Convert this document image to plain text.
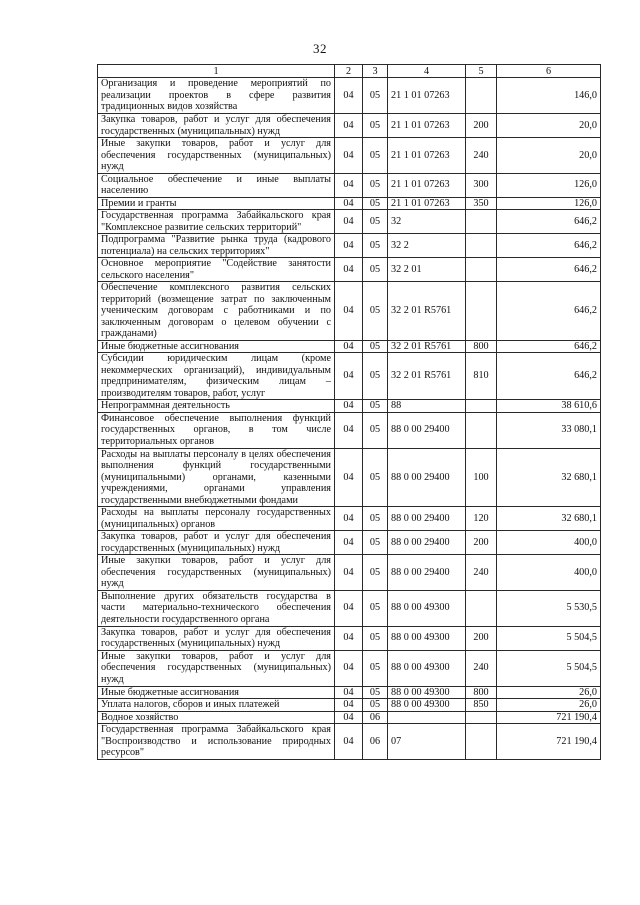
32
1	2	3	4	5	6
Организация и проведение мероприятий по реализации проектов в сфере развития традиционных видов хозяйства	04	05	21 1 01 07263		146,0
Закупка товаров, работ и услуг для обеспечения государственных (муниципальных) нужд	04	05	21 1 01 07263	200	20,0
Иные закупки товаров, работ и услуг для обеспечения государственных (муниципальных) нужд	04	05	21 1 01 07263	240	20,0
Социальное обеспечение и иные выплаты населению	04	05	21 1 01 07263	300	126,0
Премии и гранты	04	05	21 1 01 07263	350	126,0
Государственная программа Забайкальского края "Комплексное развитие сельских территорий"	04	05	32		646,2
Подпрограмма "Развитие рынка труда (кадрового потенциала) на сельских территориях"	04	05	32 2		646,2
Основное мероприятие "Содействие занятости сельского населения"	04	05	32 2 01		646,2
Обеспечение комплексного развития сельских территорий (возмещение затрат по заключенным ученическим договорам с работниками и по заключенным договорам о целевом обучении с гражданами)	04	05	32 2 01 R5761		646,2
Иные бюджетные ассигнования	04	05	32 2 01 R5761	800	646,2
Субсидии юридическим лицам (кроме некоммерческих организаций), индивидуальным предпринимателям, физическим лицам – производителям товаров, работ, услуг	04	05	32 2 01 R5761	810	646,2
Непрограммная деятельность	04	05	88		38 610,6
Финансовое обеспечение выполнения функций государственных органов, в том числе территориальных органов	04	05	88 0 00 29400		33 080,1
Расходы на выплаты персоналу в целях обеспечения выполнения функций государственными (муниципальными) органами, казенными учреждениями, органами управления государственными внебюджетными фондами	04	05	88 0 00 29400	100	32 680,1
Расходы на выплаты персоналу государственных (муниципальных) органов	04	05	88 0 00 29400	120	32 680,1
Закупка товаров, работ и услуг для обеспечения государственных (муниципальных) нужд	04	05	88 0 00 29400	200	400,0
Иные закупки товаров, работ и услуг для обеспечения государственных (муниципальных) нужд	04	05	88 0 00 29400	240	400,0
Выполнение других обязательств государства в части материально-технического обеспечения деятельности государственного органа	04	05	88 0 00 49300		5 530,5
Закупка товаров, работ и услуг для обеспечения государственных (муниципальных) нужд	04	05	88 0 00 49300	200	5 504,5
Иные закупки товаров, работ и услуг для обеспечения государственных (муниципальных) нужд	04	05	88 0 00 49300	240	5 504,5
Иные бюджетные ассигнования	04	05	88 0 00 49300	800	26,0
Уплата налогов, сборов и иных платежей	04	05	88 0 00 49300	850	26,0
Водное хозяйство	04	06			721 190,4
Государственная программа Забайкальского края "Воспроизводство и использование природных ресурсов"	04	06	07		721 190,4
